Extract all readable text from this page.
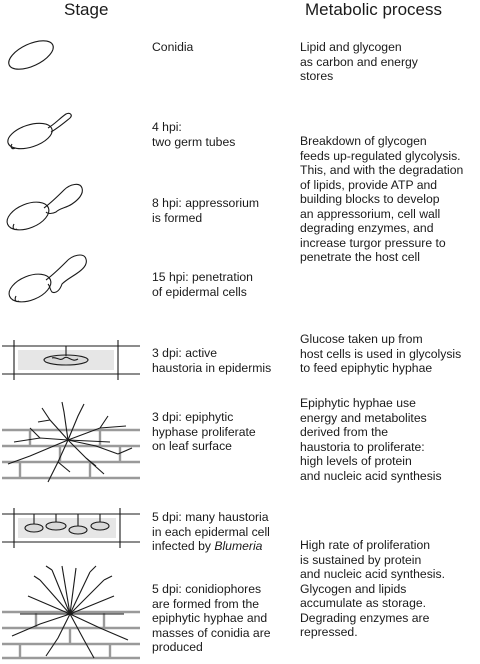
Stage	Metabolic process
Conidia
4 hpi:
two germ tubes
8 hpi: appressorium
is formed
15 hpi: penetration
of epidermal cells
3 dpi: active
haustoria in epidermis
3 dpi: epiphytic
hyphase proliferate
on leaf surface
5 dpi: many haustoria
in each epidermal cell
infected by Blumeria
5 dpi: conidiophores
are formed from the
epiphytic hyphae and
masses of conidia are
produced
Lipid and glycogen
as carbon and energy
stores
Breakdown of glycogen
feeds up-regulated glycolysis.
This, and with the degradation
of lipids, provide ATP and
building blocks to develop
an appressorium, cell wall
degrading enzymes, and
increase turgor pressure to
penetrate the host cell
Glucose taken up from
host cells is used in glycolysis
to feed epiphytic hyphae
Epiphytic hyphae use
energy and metabolites
derived from the
haustoria to proliferate:
high levels of protein
and nucleic acid synthesis
High rate of proliferation
is sustained by protein
and nucleic acid synthesis.
Glycogen and lipids
accumulate as storage.
Degrading enzymes are
repressed.
